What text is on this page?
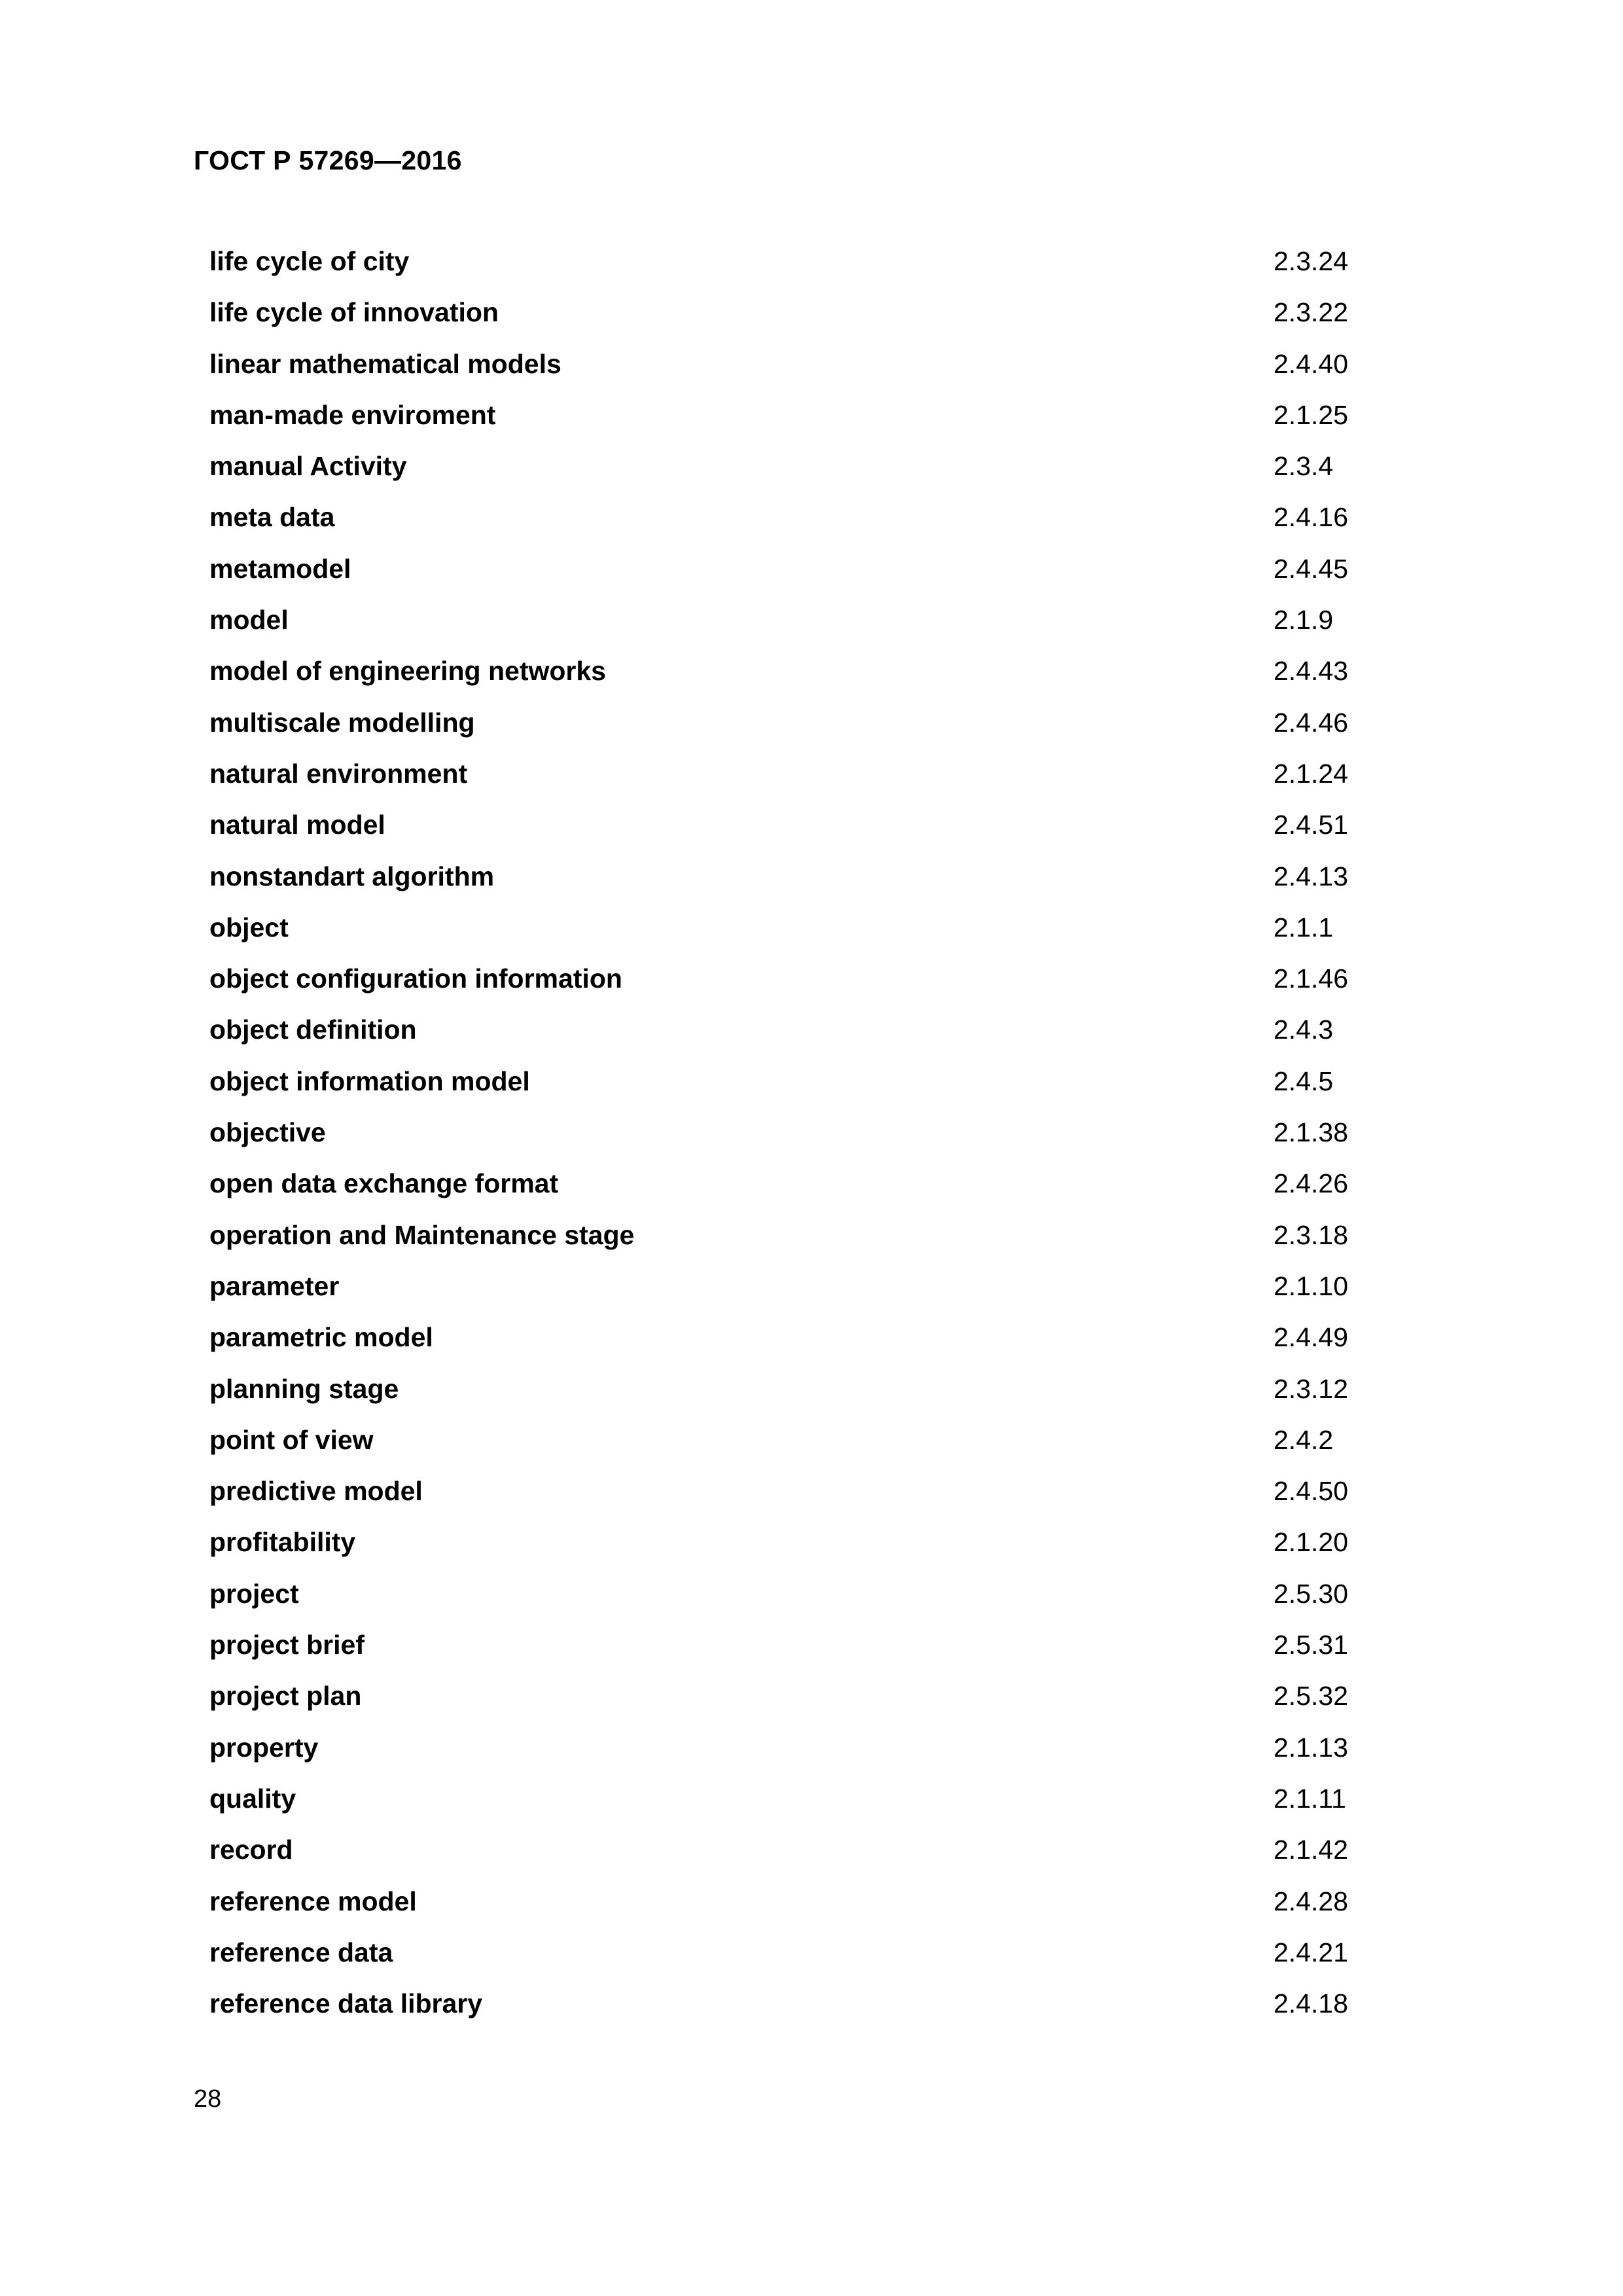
ГОСТ Р 57269—2016
life cycle of city	2.3.24
life cycle of innovation	2.3.22
linear mathematical models	2.4.40
man-made enviroment	2.1.25
manual Activity	2.3.4
meta data	2.4.16
metamodel	2.4.45
model	2.1.9
model of engineering networks	2.4.43
multiscale modelling	2.4.46
natural environment	2.1.24
natural model	2.4.51
nonstandart algorithm	2.4.13
object	2.1.1
object configuration information	2.1.46
object definition	2.4.3
object information model	2.4.5
objective	2.1.38
open data exchange format	2.4.26
operation and Maintenance stage	2.3.18
parameter	2.1.10
parametric model	2.4.49
planning stage	2.3.12
point of view	2.4.2
predictive model	2.4.50
profitability	2.1.20
project	2.5.30
project brief	2.5.31
project plan	2.5.32
property	2.1.13
quality	2.1.11
record	2.1.42
reference model	2.4.28
reference data	2.4.21
reference data library	2.4.18
28
